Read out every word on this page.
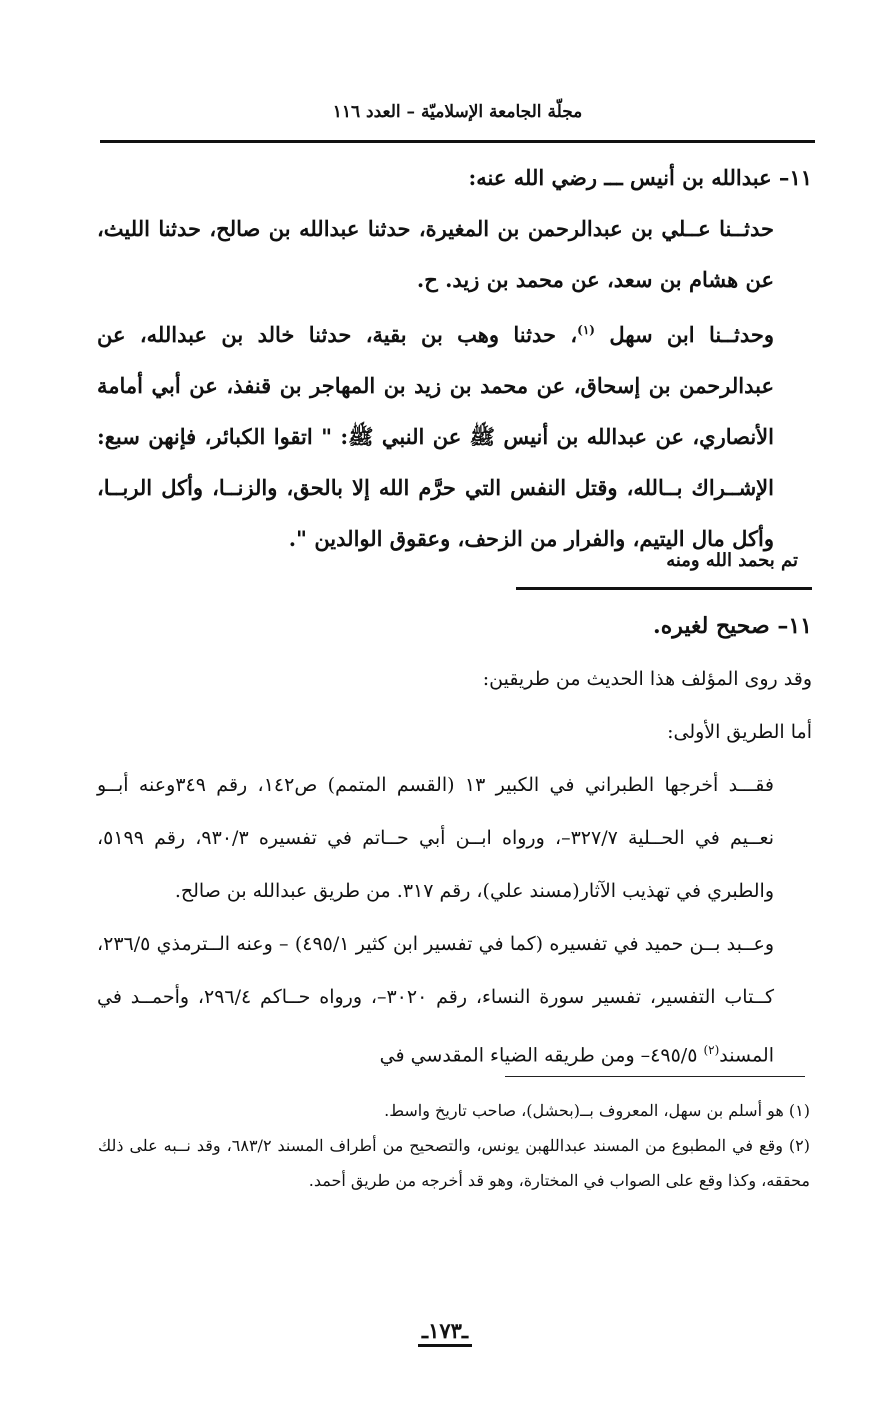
مجلّة الجامعة الإسلاميّة – العدد ١١٦

١١– عبدالله بن أنيس ـــ رضي الله عنه:

حدثــنا عــلي بن عبدالرحمن بن المغيرة، حدثنا عبدالله بن صالح، حدثنا الليث، عن هشام بن سعد، عن محمد بن زيد. ح.

وحدثــنا ابن سهل $^{(١)}$، حدثنا وهب بن بقية، حدثنا خالد بن عبدالله، عن عبدالرحمن بن إسحاق، عن محمد بن زيد بن المهاجر بن قنفذ، عن أبي أمامة الأنصاري، عن عبدالله بن أنيس ﷺ عن النبي ﷺ: " اتقوا الكبائر، فإنهن سبع: الإشــراك بــالله، وقتل النفس التي حرَّم الله إلا بالحق، والزنــا، وأكل الربــا، وأكل مال اليتيم، والفرار من الزحف، وعقوق الوالدين ".

تم بحمد الله ومنه

١١– صحيح لغيره.

وقد روى المؤلف هذا الحديث من طريقين:

أما الطريق الأولى:

فقـــد أخرجها الطبراني في الكبير ١٣ (القسم المتمم) ص١٤٢، رقم ٣٤٩وعنه أبــو نعــيم في الحــلية ٣٢٧/٧–، ورواه ابــن أبي حــاتم في تفسيره ٩٣٠/٣، رقم ٥١٩٩، والطبري في تهذيب الآثار(مسند علي)، رقم ٣١٧. من طريق عبدالله بن صالح.

وعــبد بــن حميد في تفسيره (كما في تفسير ابن كثير ٤٩٥/١) – وعنه الــترمذي ٢٣٦/٥، كــتاب التفسير، تفسير سورة النساء، رقم ٣٠٢٠–، ورواه حــاكم ٢٩٦/٤، وأحمــد في المسند$^{(٢)}$ ٤٩٥/٥– ومن طريقه الضياء المقدسي في

(١) هو أسلم بن سهل، المعروف بــ(بحشل)، صاحب تاريخ واسط.

(٢) وقع في المطبوع من المسند عبداللهبن يونس، والتصحيح من أطراف المسند ٦٨٣/٢، وقد نــبه على ذلك محققه، وكذا وقع على الصواب في المختارة، وهو قد أخرجه من طريق أحمد.

ـ١٧٣ـ
